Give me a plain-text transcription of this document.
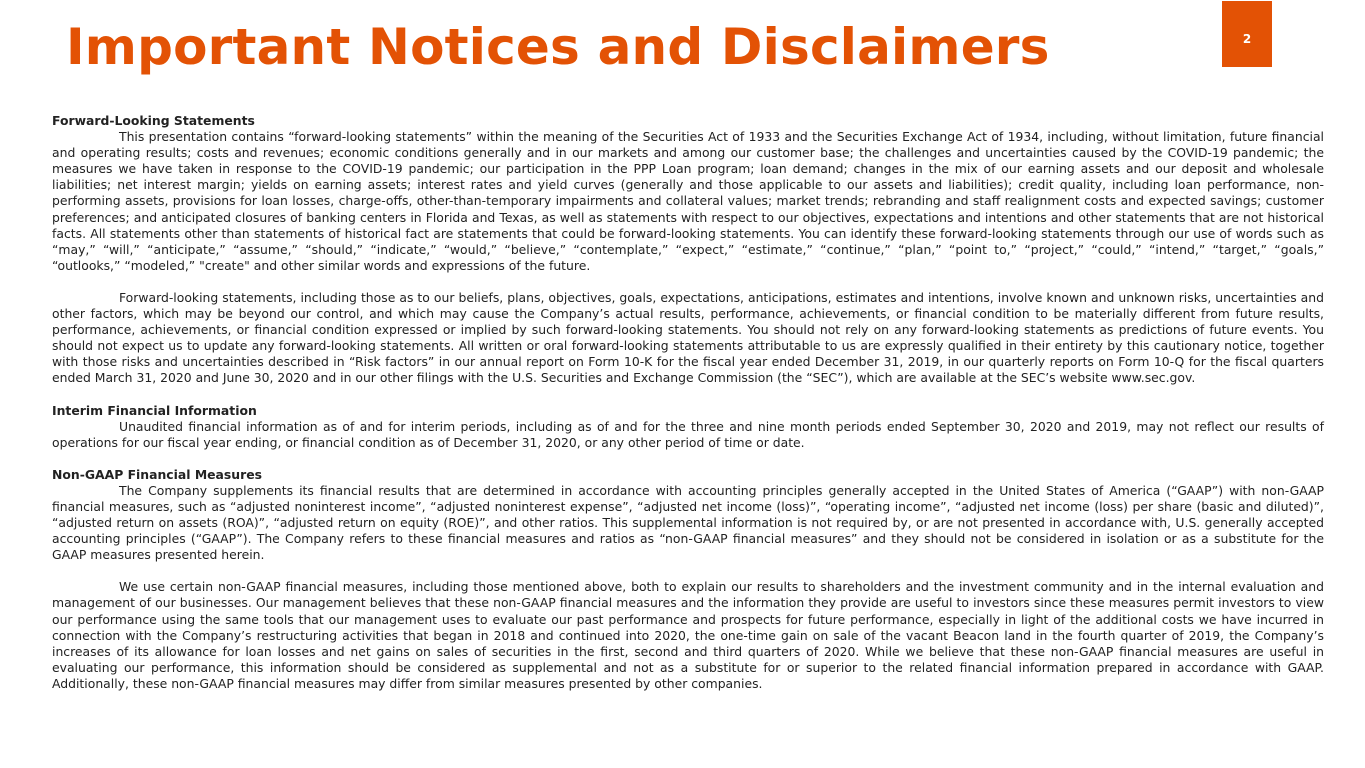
Important Notices and Disclaimers	2

Forward-Looking Statements

This presentation contains “forward-looking statements” within the meaning of the Securities Act of 1933 and the Securities Exchange Act of 1934, including, without limitation, future financial and operating results; costs and revenues; economic conditions generally and in our markets and among our customer base; the challenges and uncertainties caused by the COVID-19 pandemic; the measures we have taken in response to the COVID-19 pandemic; our participation in the PPP Loan program; loan demand; changes in the mix of our earning assets and our deposit and wholesale liabilities; net interest margin; yields on earning assets; interest rates and yield curves (generally and those applicable to our assets and liabilities); credit quality, including loan performance, non-performing assets, provisions for loan losses, charge-offs, other-than-temporary impairments and collateral values; market trends; rebranding and staff realignment costs and expected savings; customer preferences; and anticipated closures of banking centers in Florida and Texas, as well as statements with respect to our objectives, expectations and intentions and other statements that are not historical facts. All statements other than statements of historical fact are statements that could be forward-looking statements. You can identify these forward-looking statements through our use of words such as “may,” “will,” “anticipate,” “assume,” “should,” “indicate,” “would,” “believe,” “contemplate,” “expect,” “estimate,” “continue,” “plan,” “point to,” “project,” “could,” “intend,” “target,” “goals,” “outlooks,” “modeled,” "create" and other similar words and expressions of the future.

Forward-looking statements, including those as to our beliefs, plans, objectives, goals, expectations, anticipations, estimates and intentions, involve known and unknown risks, uncertainties and other factors, which may be beyond our control, and which may cause the Company’s actual results, performance, achievements, or financial condition to be materially different from future results, performance, achievements, or financial condition expressed or implied by such forward-looking statements. You should not rely on any forward-looking statements as predictions of future events. You should not expect us to update any forward-looking statements. All written or oral forward-looking statements attributable to us are expressly qualified in their entirety by this cautionary notice, together with those risks and uncertainties described in “Risk factors” in our annual report on Form 10-K for the fiscal year ended December 31, 2019, in our quarterly reports on Form 10-Q for the fiscal quarters ended March 31, 2020 and June 30, 2020 and in our other filings with the U.S. Securities and Exchange Commission (the “SEC”), which are available at the SEC’s website www.sec.gov.

Interim Financial Information

Unaudited financial information as of and for interim periods, including as of and for the three and nine month periods ended September 30, 2020 and 2019, may not reflect our results of operations for our fiscal year ending, or financial condition as of December 31, 2020, or any other period of time or date.

Non-GAAP Financial Measures

The Company supplements its financial results that are determined in accordance with accounting principles generally accepted in the United States of America (“GAAP”) with non-GAAP financial measures, such as “adjusted noninterest income”, “adjusted noninterest expense”, “adjusted net income (loss)”, “operating income”, “adjusted net income (loss) per share (basic and diluted)”, “adjusted return on assets (ROA)”, “adjusted return on equity (ROE)”, and other ratios. This supplemental information is not required by, or are not presented in accordance with, U.S. generally accepted accounting principles (“GAAP”). The Company refers to these financial measures and ratios as “non-GAAP financial measures” and they should not be considered in isolation or as a substitute for the GAAP measures presented herein.

We use certain non-GAAP financial measures, including those mentioned above, both to explain our results to shareholders and the investment community and in the internal evaluation and management of our businesses. Our management believes that these non-GAAP financial measures and the information they provide are useful to investors since these measures permit investors to view our performance using the same tools that our management uses to evaluate our past performance and prospects for future performance, especially in light of the additional costs we have incurred in connection with the Company’s restructuring activities that began in 2018 and continued into 2020, the one-time gain on sale of the vacant Beacon land in the fourth quarter of 2019, the Company’s increases of its allowance for loan losses and net gains on sales of securities in the first, second and third quarters of 2020. While we believe that these non-GAAP financial measures are useful in evaluating our performance, this information should be considered as supplemental and not as a substitute for or superior to the related financial information prepared in accordance with GAAP. Additionally, these non-GAAP financial measures may differ from similar measures presented by other companies.
